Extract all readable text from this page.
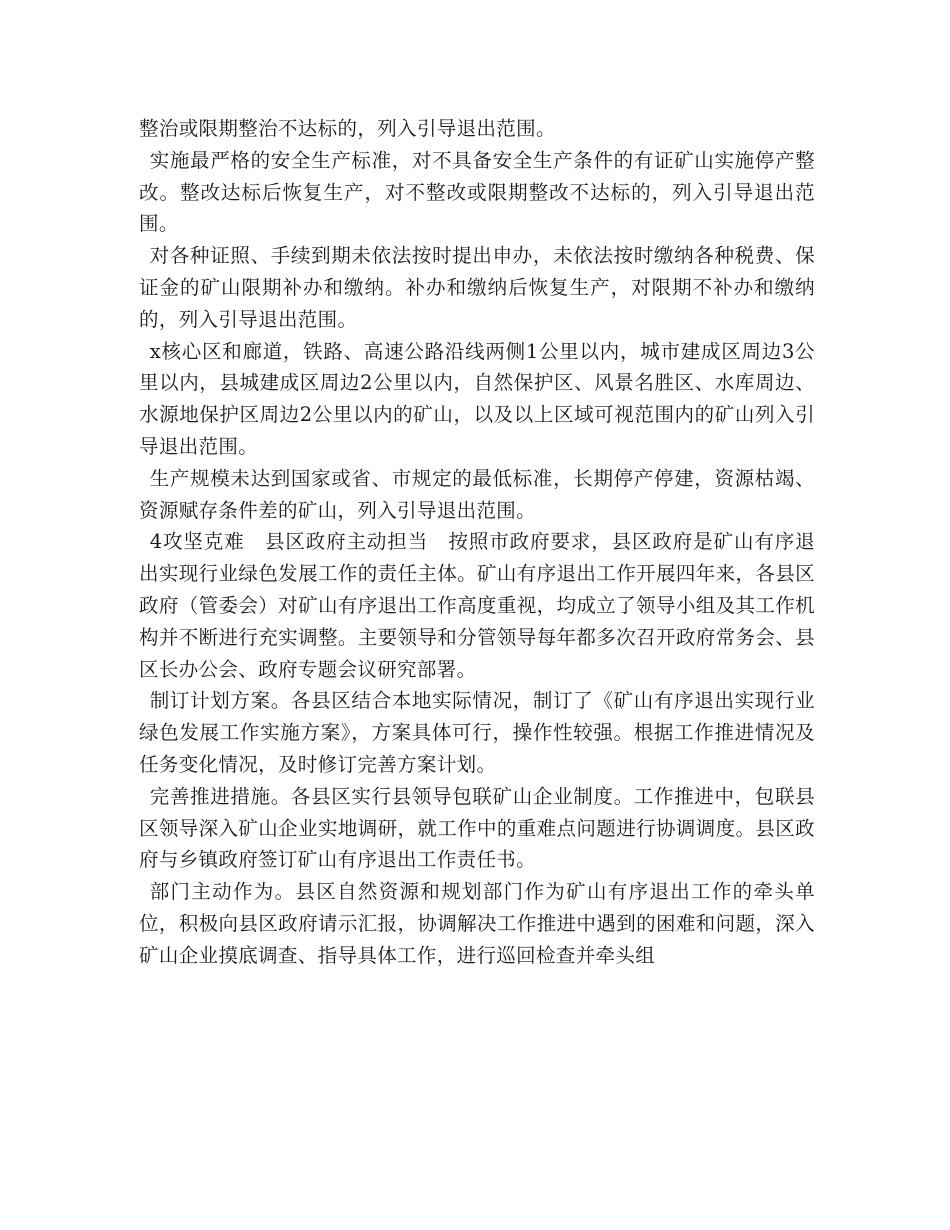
整治或限期整治不达标的，列入引导退出范围。

实施最严格的安全生产标准，对不具备安全生产条件的有证矿山实施停产整改。整改达标后恢复生产，对不整改或限期整改不达标的，列入引导退出范围。

对各种证照、手续到期未依法按时提出申办，未依法按时缴纳各种税费、保证金的矿山限期补办和缴纳。补办和缴纳后恢复生产，对限期不补办和缴纳的，列入引导退出范围。

x核心区和廊道，铁路、高速公路沿线两侧1公里以内，城市建成区周边3公里以内，县城建成区周边2公里以内，自然保护区、风景名胜区、水库周边、水源地保护区周边2公里以内的矿山，以及以上区域可视范围内的矿山列入引导退出范围。

生产规模未达到国家或省、市规定的最低标准，长期停产停建，资源枯竭、资源赋存条件差的矿山，列入引导退出范围。

4攻坚克难　县区政府主动担当　按照市政府要求，县区政府是矿山有序退出实现行业绿色发展工作的责任主体。矿山有序退出工作开展四年来，各县区政府（管委会）对矿山有序退出工作高度重视，均成立了领导小组及其工作机构并不断进行充实调整。主要领导和分管领导每年都多次召开政府常务会、县区长办公会、政府专题会议研究部署。

制订计划方案。各县区结合本地实际情况，制订了《矿山有序退出实现行业绿色发展工作实施方案》，方案具体可行，操作性较强。根据工作推进情况及任务变化情况，及时修订完善方案计划。

完善推进措施。各县区实行县领导包联矿山企业制度。工作推进中，包联县区领导深入矿山企业实地调研，就工作中的重难点问题进行协调调度。县区政府与乡镇政府签订矿山有序退出工作责任书。

部门主动作为。县区自然资源和规划部门作为矿山有序退出工作的牵头单位，积极向县区政府请示汇报，协调解决工作推进中遇到的困难和问题，深入矿山企业摸底调查、指导具体工作，进行巡回检查并牵头组
